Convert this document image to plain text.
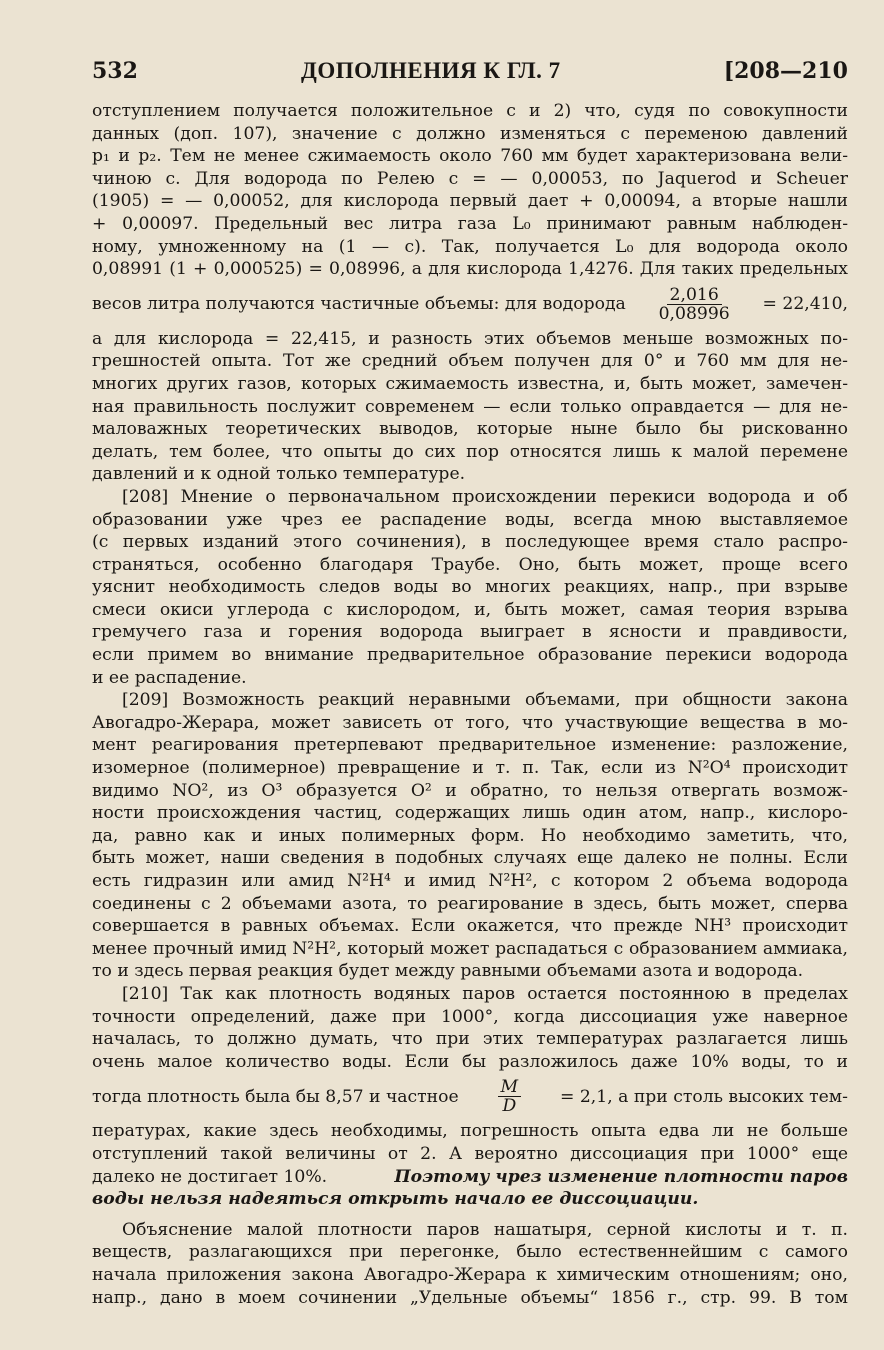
532	ДОПОЛНЕНИЯ К ГЛ. 7	[208—210
отступлением получается положительное c и 2) что, судя по совокупности
данных (доп. 107), значение c должно изменяться с переменою давлений
p₁ и p₂. Тем не менее сжимаемость около 760 мм будет характеризована вели-
чиною c. Для водорода по Релею c = — 0,00053, по Jaquerod и Scheuer
(1905) = — 0,00052, для кислорода первый дает + 0,00094, а вторые нашли
+ 0,00097. Предельный вес литра газа L₀ принимают равным наблюден-
ному, умноженному на (1 — c). Так, получается L₀ для водорода около
0,08991 (1 + 0,000525) = 0,08996, а для кислорода 1,4276. Для таких предельных
весов литра получаются частичные объемы: для водорода $\frac{2,016}{0,08996} = 22,410$,
а для кислорода = 22,415, и разность этих объемов меньше возможных по-
грешностей опыта. Тот же средний объем получен для 0° и 760 мм для не-
многих других газов, которых сжимаемость известна, и, быть может, замечен-
ная правильность послужит современем — если только оправдается — для не-
маловажных теоретических выводов, которые ныне было бы рискованно
делать, тем более, что опыты до сих пор относятся лишь к малой перемене
давлений и к одной только температуре.
[208] Мнение о первоначальном происхождении перекиси водорода и об
образовании уже чрез ее распадение воды, всегда мною выставляемое
(с первых изданий этого сочинения), в последующее время стало распро-
страняться, особенно благодаря Траубе. Оно, быть может, проще всего
уяснит необходимость следов воды во многих реакциях, напр., при взрыве
смеси окиси углерода с кислородом, и, быть может, самая теория взрыва
гремучего газа и горения водорода выиграет в ясности и правдивости,
если примем во внимание предварительное образование перекиси водорода
и ее распадение.
[209] Возможность реакций неравными объемами, при общности закона
Авогадро-Жерара, может зависеть от того, что участвующие вещества в мо-
мент реагирования претерпевают предварительное изменение: разложение,
изомерное (полимерное) превращение и т. п. Так, если из N²O⁴ происходит
видимо NO², из O³ образуется O² и обратно, то нельзя отвергать возмож-
ности происхождения частиц, содержащих лишь один атом, напр., кислоро-
да, равно как и иных полимерных форм. Но необходимо заметить, что,
быть может, наши сведения в подобных случаях еще далеко не полны. Если
есть гидразин или амид N²H⁴ и имид N²H², с котором 2 объема водорода
соединены с 2 объемами азота, то реагирование в здесь, быть может, сперва
совершается в равных объемах. Если окажется, что прежде NH³ происходит
менее прочный имид N²H², который может распадаться с образованием аммиака,
то и здесь первая реакция будет между равными объемами азота и водорода.
[210] Так как плотность водяных паров остается постоянною в пределах
точности определений, даже при 1000°, когда диссоциация уже наверное
началась, то должно думать, что при этих температурах разлагается лишь
очень малое количество воды. Если бы разложилось даже 10% воды, то и
тогда плотность была бы 8,57 и частное $\frac{M}{D} = 2,1$, а при столь высоких тем-
пературах, какие здесь необходимы, погрешность опыта едва ли не больше
отступлений такой величины от 2. А вероятно диссоциация при 1000° еще
далеко не достигает 10%.	Поэтому чрез изменение плотности паров
воды нельзя надеяться открыть начало ее диссоциации.
Объяснение малой плотности паров нашатыря, серной кислоты и т. п.
веществ, разлагающихся при перегонке, было естественнейшим с самого
начала приложения закона Авогадро-Жерара к химическим отношениям; оно,
напр., дано в моем сочинении „Удельные объемы“ 1856 г., стр. 99. В том
